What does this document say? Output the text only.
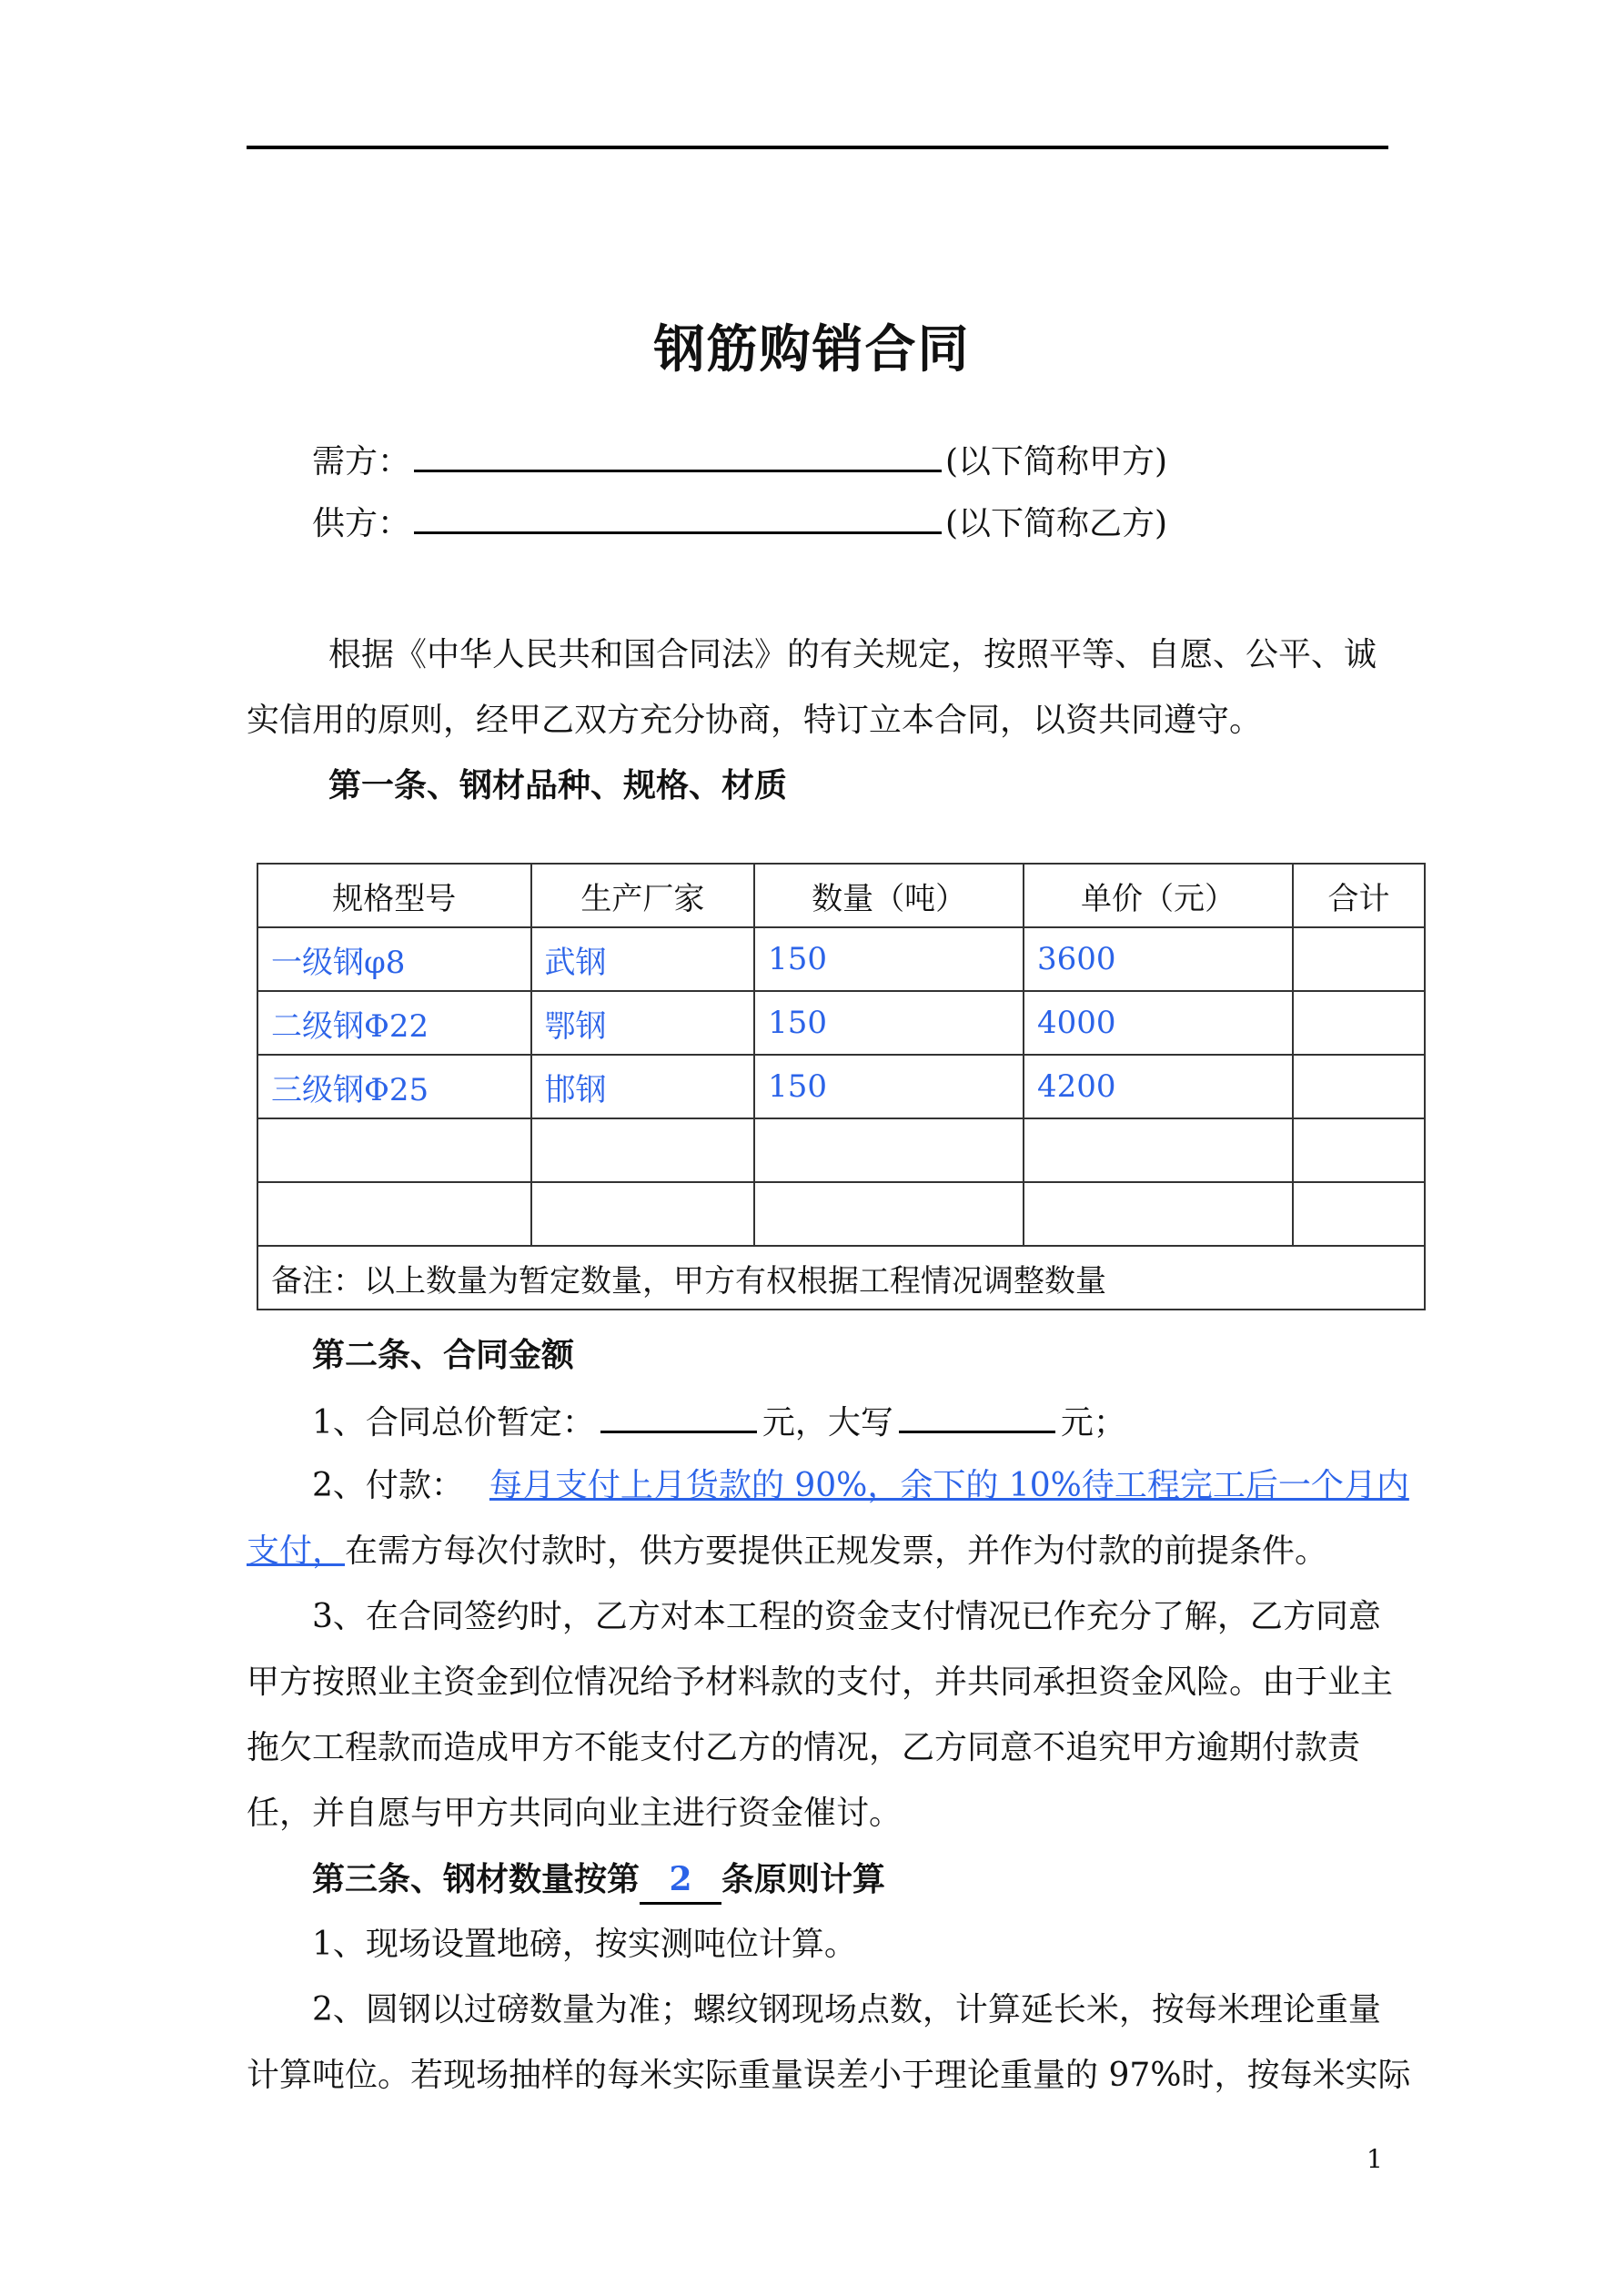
钢筋购销合同
需方：	(以下简称甲方)
供方：	(以下简称乙方)
根据《中华人民共和国合同法》的有关规定，按照平等、自愿、公平、诚
实信用的原则，经甲乙双方充分协商，特订立本合同，以资共同遵守。
第一条、钢材品种、规格、材质
规格型号	生产厂家	数量（吨）	单价（元）	合计
一级钢φ8	武钢	150	3600	
二级钢Φ22	鄂钢	150	4000	
三级钢Φ25	邯钢	150	4200	

备注：以上数量为暂定数量，甲方有权根据工程情况调整数量				
第二条、合同金额
1、合同总价暂定：	元，大写	元；
2、付款： 每月支付上月货款的 90%，余下的 10%待工程完工后一个月内
支付，在需方每次付款时，供方要提供正规发票，并作为付款的前提条件。
3、在合同签约时，乙方对本工程的资金支付情况已作充分了解，乙方同意
甲方按照业主资金到位情况给予材料款的支付，并共同承担资金风险。由于业主
拖欠工程款而造成甲方不能支付乙方的情况，乙方同意不追究甲方逾期付款责
任，并自愿与甲方共同向业主进行资金催讨。
第三条、钢材数量按第 2 条原则计算
1、现场设置地磅，按实测吨位计算。
2、圆钢以过磅数量为准；螺纹钢现场点数，计算延长米，按每米理论重量
计算吨位。若现场抽样的每米实际重量误差小于理论重量的 97%时，按每米实际
1
